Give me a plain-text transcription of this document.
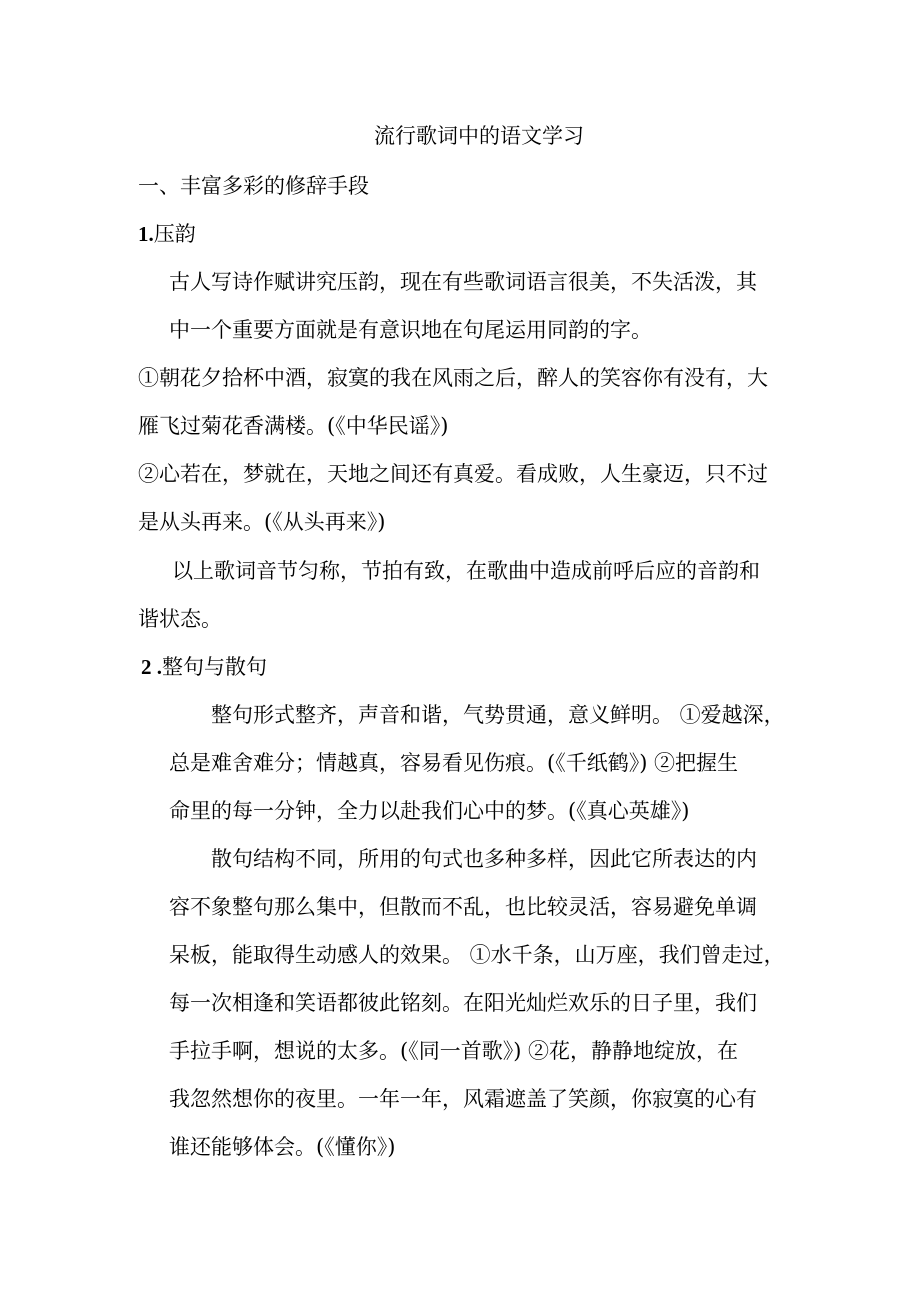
流行歌词中的语文学习
一、丰富多彩的修辞手段
1.压韵
古人写诗作赋讲究压韵，现在有些歌词语言很美，不失活泼，其
中一个重要方面就是有意识地在句尾运用同韵的字。
①朝花夕拾杯中酒，寂寞的我在风雨之后，醉人的笑容你有没有，大
雁飞过菊花香满楼。(《中华民谣》)
②心若在，梦就在，天地之间还有真爱。看成败，人生豪迈，只不过
是从头再来。(《从头再来》)
以上歌词音节匀称，节拍有致，在歌曲中造成前呼后应的音韵和
谐状态。
2 .整句与散句
整句形式整齐，声音和谐，气势贯通，意义鲜明。 ①爱越深，
总是难舍难分；情越真，容易看见伤痕。(《千纸鹤》) ②把握生
命里的每一分钟，全力以赴我们心中的梦。(《真心英雄》)
散句结构不同，所用的句式也多种多样，因此它所表达的内
容不象整句那么集中，但散而不乱，也比较灵活，容易避免单调
呆板，能取得生动感人的效果。 ①水千条，山万座，我们曾走过，
每一次相逢和笑语都彼此铭刻。在阳光灿烂欢乐的日子里，我们
手拉手啊，想说的太多。(《同一首歌》) ②花，静静地绽放，在
我忽然想你的夜里。一年一年，风霜遮盖了笑颜，你寂寞的心有
谁还能够体会。(《懂你》)
